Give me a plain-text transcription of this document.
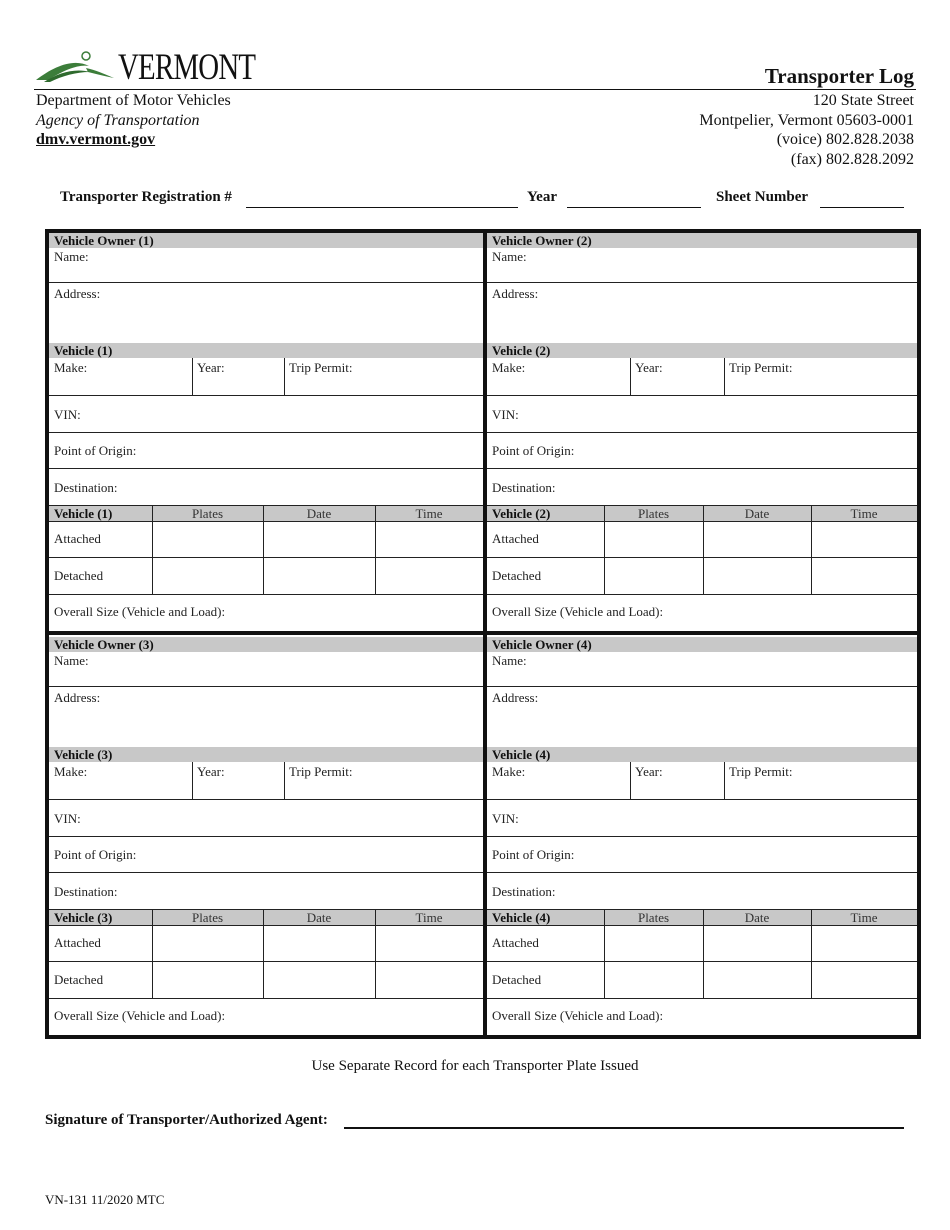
VERMONT	Transporter Log
Department of Motor Vehicles
Agency of Transportation
dmv.vermont.gov
120 State Street
Montpelier, Vermont 05603-0001
(voice) 802.828.2038
(fax) 802.828.2092
Transporter Registration #	Year	Sheet Number
Vehicle Owner (1)
Name:
Address:
Vehicle (1)
Make:	Year:	Trip Permit:
VIN:
Point of Origin:
Destination:
Vehicle (1)	Plates	Date	Time
Attached
Detached
Overall Size (Vehicle and Load):
Vehicle Owner (2)
Name:
Address:
Vehicle (2)
Make:	Year:	Trip Permit:
VIN:
Point of Origin:
Destination:
Vehicle (2)	Plates	Date	Time
Attached
Detached
Overall Size (Vehicle and Load):
Vehicle Owner (3)
Name:
Address:
Vehicle (3)
Make:	Year:	Trip Permit:
VIN:
Point of Origin:
Destination:
Vehicle (3)	Plates	Date	Time
Attached
Detached
Overall Size (Vehicle and Load):
Vehicle Owner (4)
Name:
Address:
Vehicle (4)
Make:	Year:	Trip Permit:
VIN:
Point of Origin:
Destination:
Vehicle (4)	Plates	Date	Time
Attached
Detached
Overall Size (Vehicle and Load):
Use Separate Record for each Transporter Plate Issued
Signature of Transporter/Authorized Agent:
VN-131 11/2020 MTC
